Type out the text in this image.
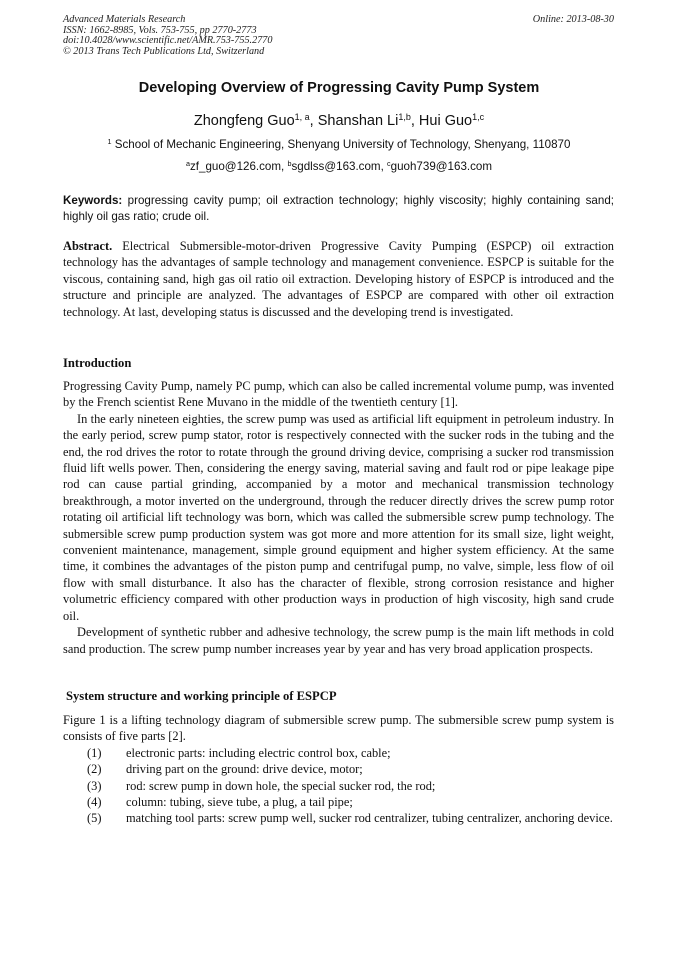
Advanced Materials Research
ISSN: 1662-8985, Vols. 753-755, pp 2770-2773
doi:10.4028/www.scientific.net/AMR.753-755.2770
© 2013 Trans Tech Publications Ltd, Switzerland
Online: 2013-08-30
Developing Overview of Progressing Cavity Pump System
Zhongfeng Guo$^{1, a}$, Shanshan Li$^{1,b}$, Hui Guo$^{1,c}$
$^1$ School of Mechanic Engineering, Shenyang University of Technology, Shenyang, 110870
$^a$zf_guo@126.com, $^b$sgdlss@163.com, $^c$guoh739@163.com
Keywords: progressing cavity pump; oil extraction technology; highly viscosity; highly containing sand; highly oil gas ratio; crude oil.
Abstract. Electrical Submersible-motor-driven Progressive Cavity Pumping (ESPCP) oil extraction technology has the advantages of sample technology and management convenience. ESPCP is suitable for the viscous, containing sand, high gas oil ratio oil extraction. Developing history of ESPCP is introduced and the structure and principle are analyzed. The advantages of ESPCP are compared with other oil extraction technology. At last, developing status is discussed and the developing trend is investigated.
Introduction

Progressing Cavity Pump, namely PC pump, which can also be called incremental volume pump, was invented by the French scientist Rene Muvano in the middle of the twentieth century [1].

In the early nineteen eighties, the screw pump was used as artificial lift equipment in petroleum industry. In the early period, screw pump stator, rotor is respectively connected with the sucker rods in the tubing and the end, the rod drives the rotor to rotate through the ground driving device, comprising a sucker rod transmission fluid lift wells power. Then, considering the energy saving, material saving and fault rod or pipe leakage pipe rod can cause partial grinding, accompanied by a motor and mechanical transmission technology breakthrough, a motor inverted on the underground, through the reducer directly drives the screw pump rotor rotating oil artificial lift technology was born, which was called the submersible screw pump technology. The submersible screw pump production system was got more and more attention for its small size, light weight, convenient maintenance, management, simple ground equipment and higher system efficiency. At the same time, it combines the advantages of the piston pump and centrifugal pump, no valve, simple, less flow of oil flow with small disturbance. It also has the character of flexible, strong corrosion resistance and higher volumetric efficiency compared with other production ways in production of high viscosity, high sand crude oil.

Development of synthetic rubber and adhesive technology, the screw pump is the main lift methods in cold sand production. The screw pump number increases year by year and has very broad application prospects.

System structure and working principle of ESPCP

Figure 1 is a lifting technology diagram of submersible screw pump. The submersible screw pump system is consists of five parts [2].

(1) electronic parts: including electric control box, cable;
(2) driving part on the ground: drive device, motor;
(3) rod: screw pump in down hole, the special sucker rod, the rod;
(4) column: tubing, sieve tube, a plug, a tail pipe;
(5) matching tool parts: screw pump well, sucker rod centralizer, tubing centralizer, anchoring device.
